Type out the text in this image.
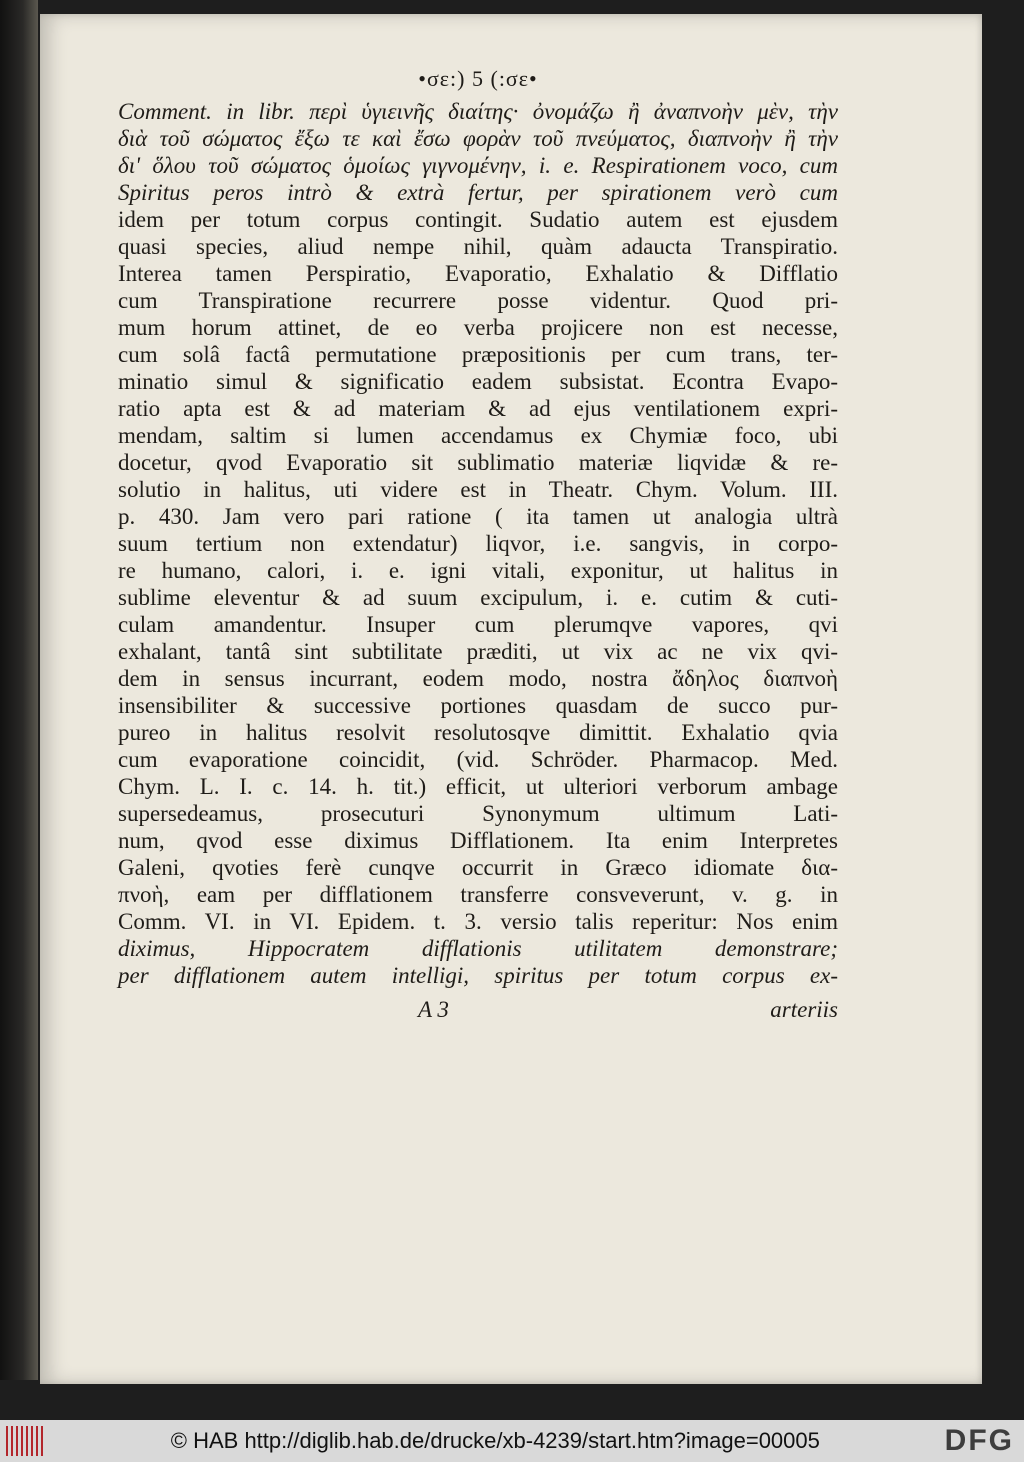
•σε:) 5 (:σε•
Comment. in libr. περὶ ὑγιεινῆς διαίτης· ὀνομάζω ἢ ἀναπνοὴν μὲν, τὴν
διὰ τοῦ σώματος ἔξω τε καὶ ἔσω φορὰν τοῦ πνεύματος, διαπνοὴν ἢ τὴν
δι' ὅλου τοῦ σώματος ὁμοίως γιγνομένην, i. e. Respirationem voco, cum
Spiritus peros intrò & extrà fertur, per spirationem verò cum
idem per totum corpus contingit. Sudatio autem est ejusdem
quasi species, aliud nempe nihil, quàm adaucta Transpiratio.
Interea tamen Perspiratio, Evaporatio, Exhalatio & Difflatio
cum Transpiratione recurrere posse videntur. Quod pri-
mum horum attinet, de eo verba projicere non est necesse,
cum solâ factâ permutatione præpositionis per cum trans, ter-
minatio simul & significatio eadem subsistat. Econtra Evapo-
ratio apta est & ad materiam & ad ejus ventilationem expri-
mendam, saltim si lumen accendamus ex Chymiæ foco, ubi
docetur, qvod Evaporatio sit sublimatio materiæ liqvidæ & re-
solutio in halitus, uti videre est in Theatr. Chym. Volum. III.
p. 430. Jam vero pari ratione ( ita tamen ut analogia ultrà
suum tertium non extendatur) liqvor, i.e. sangvis, in corpo-
re humano, calori, i. e. igni vitali, exponitur, ut halitus in
sublime eleventur & ad suum excipulum, i. e. cutim & cuti-
culam amandentur. Insuper cum plerumqve vapores, qvi
exhalant, tantâ sint subtilitate præditi, ut vix ac ne vix qvi-
dem in sensus incurrant, eodem modo, nostra ἄδηλος διαπνοὴ
insensibiliter & successive portiones quasdam de succo pur-
pureo in halitus resolvit resolutosqve dimittit. Exhalatio qvia
cum evaporatione coincidit, (vid. Schröder. Pharmacop. Med.
Chym. L. I. c. 14. h. tit.) efficit, ut ulteriori verborum ambage
supersedeamus, prosecuturi Synonymum ultimum Lati-
num, qvod esse diximus Difflationem. Ita enim Interpretes
Galeni, qvoties ferè cunqve occurrit in Græco idiomate δια-
πνοὴ, eam per difflationem transferre consveverunt, v. g. in
Comm. VI. in VI. Epidem. t. 3. versio talis reperitur: Nos enim
diximus, Hippocratem difflationis utilitatem demonstrare;
per difflationem autem intelligi, spiritus per totum corpus ex-
A 3	arteriis
© HAB http://diglib.hab.de/drucke/xb-4239/start.htm?image=00005	DFG
